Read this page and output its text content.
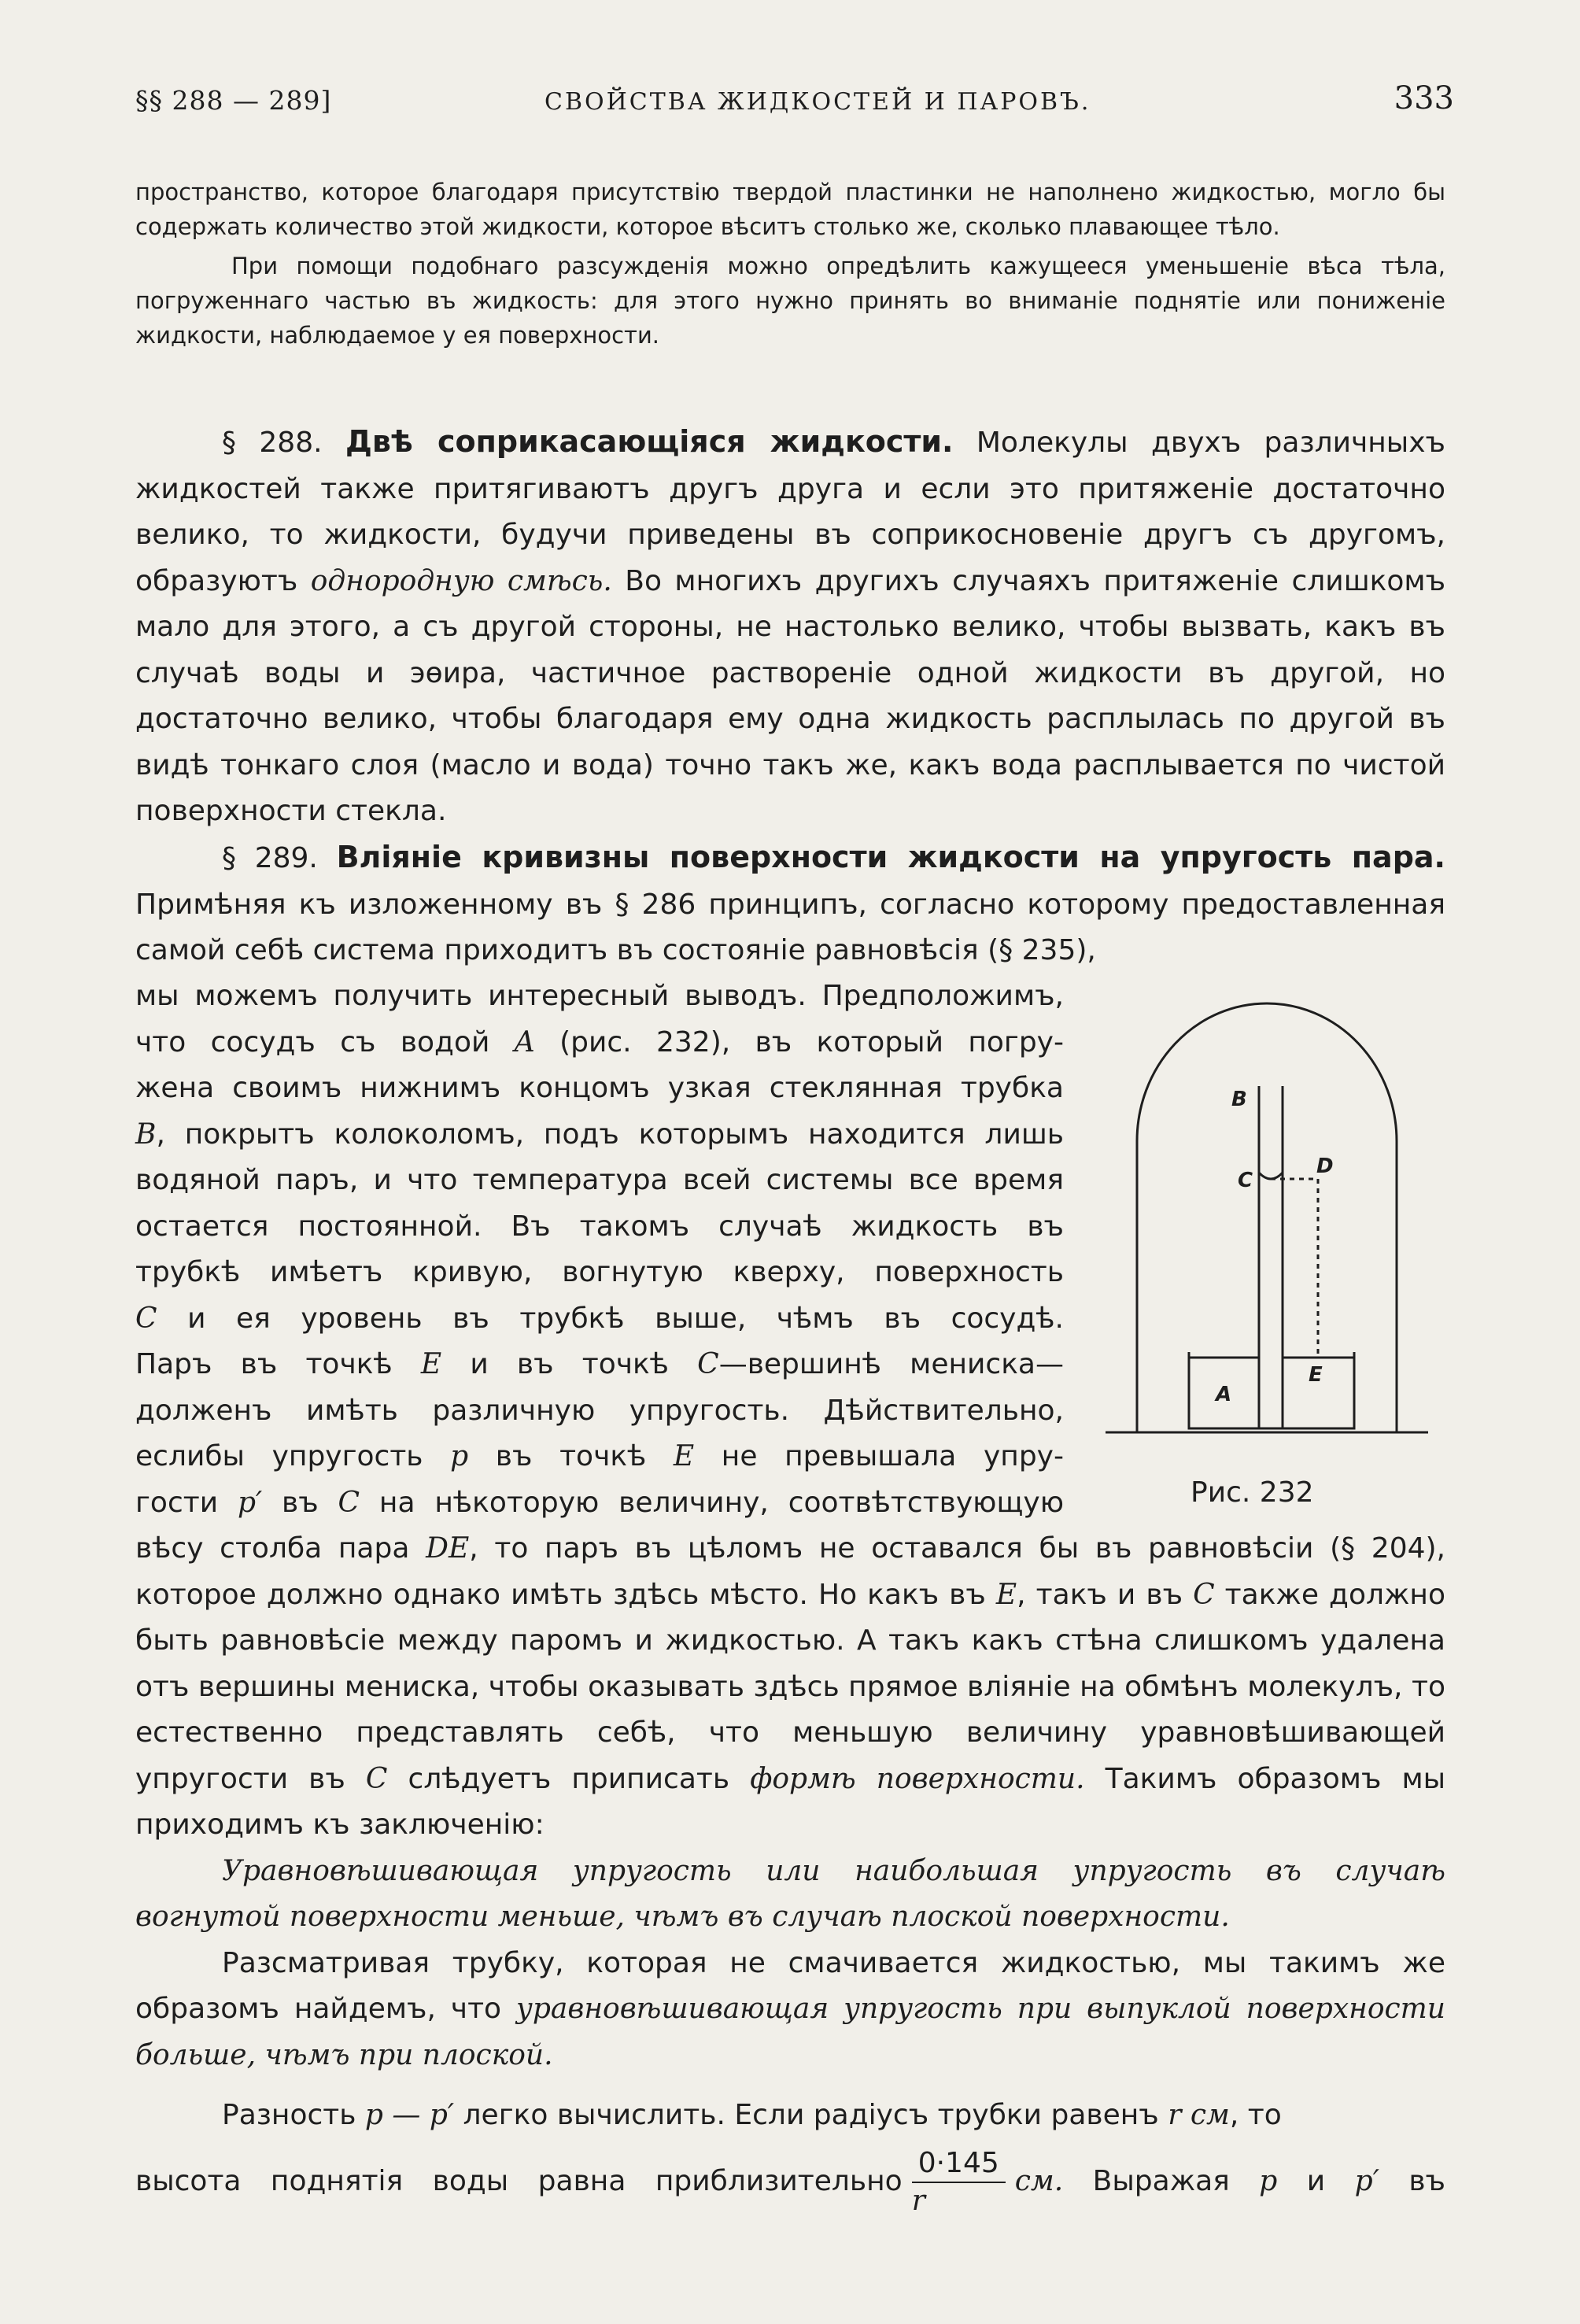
§§ 288 — 289]	СВОЙСТВА ЖИДКОСТЕЙ И ПАРОВЪ.	333

пространство, которое благодаря присутствію твердой пластинки не наполнено жидкостью, могло бы содержать количество этой жидкости, которое вѣситъ столько же, сколько плавающее тѣло.

При помощи подобнаго разсужденія можно опредѣлить кажущееся уменьшеніе вѣса тѣла, погруженнаго частью въ жидкость: для этого нужно принять во вниманіе поднятіе или пониженіе жидкости, наблюдаемое у ея поверхности.

§ 288. Двѣ соприкасающіяся жидкости. Молекулы двухъ различныхъ жидкостей также притягиваютъ другъ друга и если это притяженіе достаточно велико, то жидкости, будучи приведены въ соприкосновеніе другъ съ другомъ, образуютъ однородную смѣсь. Во многихъ другихъ случаяхъ притяженіе слишкомъ мало для этого, а съ другой стороны, не настолько велико, чтобы вызвать, какъ въ случаѣ воды и эѳира, частичное раствореніе одной жидкости въ другой, но достаточно велико, чтобы благодаря ему одна жидкость расплылась по другой въ видѣ тонкаго слоя (масло и вода) точно такъ же, какъ вода расплывается по чистой поверхности стекла.

§ 289. Вліяніе кривизны поверхности жидкости на упругость пара. Примѣняя къ изложенному въ § 286 принципъ, согласно которому предоставленная самой себѣ система приходитъ въ состояніе равновѣсія (§ 235),

мы можемъ получить интересный выводъ. Предположимъ,
что сосудъ съ водой A (рис. 232), въ который погру-
жена своимъ нижнимъ концомъ узкая стеклянная трубка
B, покрытъ колоколомъ, подъ которымъ находится лишь
водяной паръ, и что температура всей системы все время
остается постоянной. Въ такомъ случаѣ жидкость въ
трубкѣ имѣетъ кривую, вогнутую кверху, поверхность
C и ея уровень въ трубкѣ выше, чѣмъ въ сосудѣ.
Паръ въ точкѣ E и въ точкѣ C—вершинѣ мениска—
долженъ имѣть различную упругость. Дѣйствительно,
еслибы упругость p въ точкѣ E не превышала упру-
гости p′ въ C на нѣкоторую величину, соотвѣтствующую

вѣсу столба пара DE, то паръ въ цѣломъ не оставался бы въ равновѣсіи (§ 204), которое должно однако имѣть здѣсь мѣсто. Но какъ въ E, такъ и въ C также должно быть равновѣсіе между паромъ и жидкостью. А такъ какъ стѣна слишкомъ удалена отъ вершины мениска, чтобы оказывать здѣсь прямое вліяніе на обмѣнъ молекулъ, то естественно представлять себѣ, что меньшую величину уравновѣшивающей упругости въ C слѣдуетъ приписать формѣ поверхности. Такимъ образомъ мы приходимъ къ заключенію:

Уравновѣшивающая упругость или наибольшая упругость въ случаѣ вогнутой поверхности меньше, чѣмъ въ случаѣ плоской поверхности.

Разсматривая трубку, которая не смачивается жидкостью, мы такимъ же образомъ найдемъ, что уравновѣшивающая упругость при выпуклой поверхности больше, чѣмъ при плоской.

Разность p — p′ легко вычислить. Если радіусъ трубки равенъ r см, то

высота поднятія воды равна приблизительно $\frac{0\cdot 145}{r}$ см. Выражая p и p′ въ

B
C
D
A
E
Рис. 232
